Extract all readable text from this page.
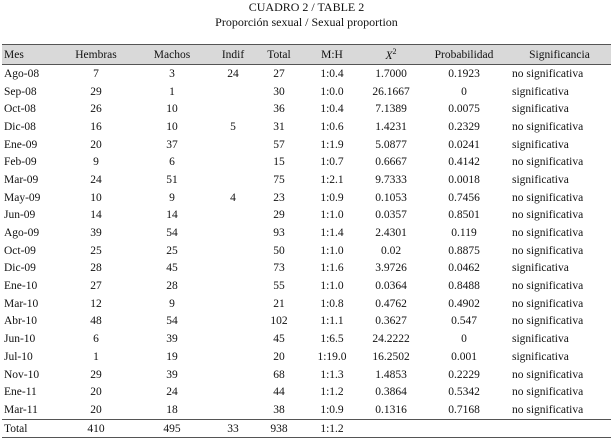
CUADRO 2 / TABLE 2
Proporción sexual / Sexual proportion
Mes	Hembras	Machos	Indif	Total	M:H	$X^2$	Probabilidad	Significancia
Ago-08	7	3	24	27	1:0.4	1.7000	0.1923	no significativa
Sep-08	29	1		30	1:0.0	26.1667	0	significativa
Oct-08	26	10		36	1:0.4	7.1389	0.0075	significativa
Dic-08	16	10	5	31	1:0.6	1.4231	0.2329	no significativa
Ene-09	20	37		57	1:1.9	5.0877	0.0241	significativa
Feb-09	9	6		15	1:0.7	0.6667	0.4142	no significativa
Mar-09	24	51		75	1:2.1	9.7333	0.0018	significativa
May-09	10	9	4	23	1:0.9	0.1053	0.7456	no significativa
Jun-09	14	14		29	1:1.0	0.0357	0.8501	no significativa
Ago-09	39	54		93	1:1.4	2.4301	0.119	no significativa
Oct-09	25	25		50	1:1.0	0.02	0.8875	no significativa
Dic-09	28	45		73	1:1.6	3.9726	0.0462	significativa
Ene-10	27	28		55	1:1.0	0.0364	0.8488	no significativa
Mar-10	12	9		21	1:0.8	0.4762	0.4902	no significativa
Abr-10	48	54		102	1:1.1	0.3627	0.547	no significativa
Jun-10	6	39		45	1:6.5	24.2222	0	significativa
Jul-10	1	19		20	1:19.0	16.2502	0.001	significativa
Nov-10	29	39		68	1:1.3	1.4853	0.2229	no significativa
Ene-11	20	24		44	1:1.2	0.3864	0.5342	no significativa
Mar-11	20	18		38	1:0.9	0.1316	0.7168	no significativa
Total	410	495	33	938	1:1.2			
